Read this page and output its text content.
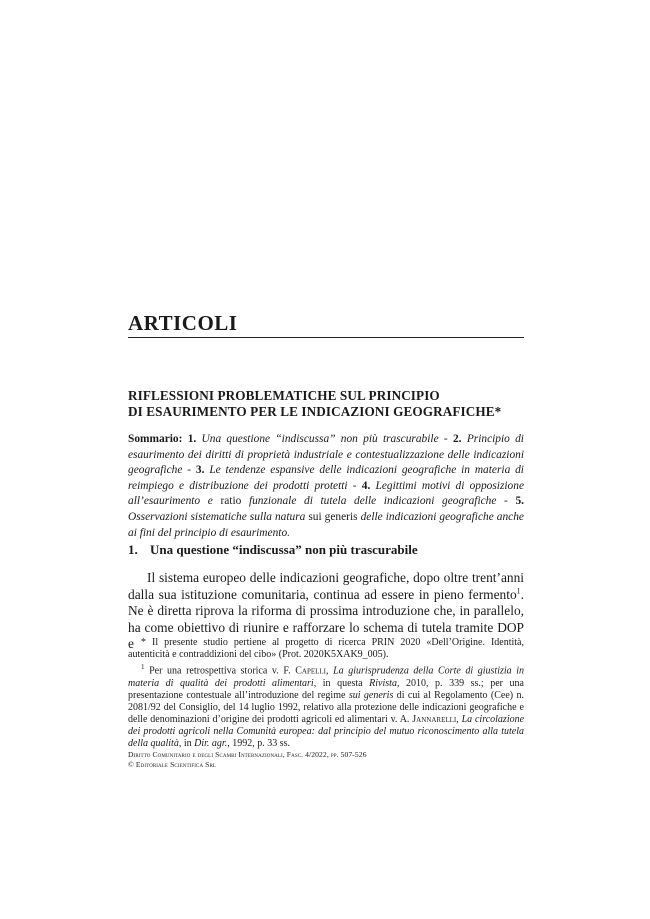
ARTICOLI
RIFLESSIONI PROBLEMATICHE SUL PRINCIPIO
DI ESAURIMENTO PER LE INDICAZIONI GEOGRAFICHE*
Sommario: 1. Una questione “indiscussa” non più trascurabile - 2. Principio di esaurimento dei diritti di proprietà industriale e contestualizzazione delle indicazioni geografiche - 3. Le tendenze espansive delle indicazioni geografiche in materia di reimpiego e distribuzione dei prodotti protetti - 4. Legittimi motivi di opposizione all’esaurimento e ratio funzionale di tutela delle indicazioni geografiche - 5. Osservazioni sistematiche sulla natura sui generis delle indicazioni geografiche anche ai fini del principio di esaurimento.
1. Una questione “indiscussa” non più trascurabile
Il sistema europeo delle indicazioni geografiche, dopo oltre trent’anni dalla sua istituzione comunitaria, continua ad essere in pieno fermento$^1$. Ne è diretta riprova la riforma di prossima introduzione che, in parallelo, ha come obiettivo di riunire e rafforzare lo schema di tutela tramite DOP e * Il presente studio pertiene al progetto di ricerca PRIN 2020 «Dell’Origine. Identità, autenticità e contraddizioni del cibo» (Prot. 2020K5XAK9_005).

$^1$ Per una retrospettiva storica v. F. Capelli, La giurisprudenza della Corte di giustizia in materia di qualità dei prodotti alimentari, in questa Rivista, 2010, p. 339 ss.; per una presentazione contestuale all’introduzione del regime sui generis di cui al Regolamento (Cee) n. 2081/92 del Consiglio, del 14 luglio 1992, relativo alla protezione delle indicazioni geografiche e delle denominazioni d’origine dei prodotti agricoli ed alimentari v. A. Jannarelli, La circolazione dei prodotti agricoli nella Comunità europea: dal principio del mutuo riconoscimento alla tutela della qualità, in Dir. agr., 1992, p. 33 ss.

Diritto Comunitario e degli Scambi Internazionali, Fasc. 4/2022, pp. 507-526
© Editoriale Scientifica Srl
